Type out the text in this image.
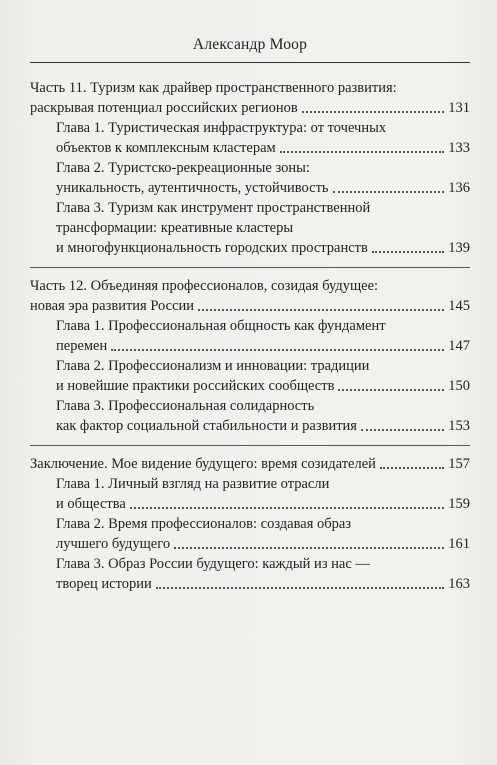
Александр Моор
Часть 11. Туризм как драйвер пространственного развития:
раскрывая потенциал российских регионов	131
Глава 1. Туристическая инфраструктура: от точечных
объектов к комплексным кластерам	133
Глава 2. Туристско-рекреационные зоны:
уникальность, аутентичность, устойчивость	136
Глава 3. Туризм как инструмент пространственной
трансформации: креативные кластеры
и многофункциональность городских пространств	139
Часть 12. Объединяя профессионалов, созидая будущее:
новая эра развития России	145
Глава 1. Профессиональная общность как фундамент
перемен	147
Глава 2. Профессионализм и инновации: традиции
и новейшие практики российских сообществ	150
Глава 3. Профессиональная солидарность
как фактор социальной стабильности и развития	153
Заключение. Мое видение будущего: время созидателей	157
Глава 1. Личный взгляд на развитие отрасли
и общества	159
Глава 2. Время профессионалов: создавая образ
лучшего будущего	161
Глава 3. Образ России будущего: каждый из нас —
творец истории	163
